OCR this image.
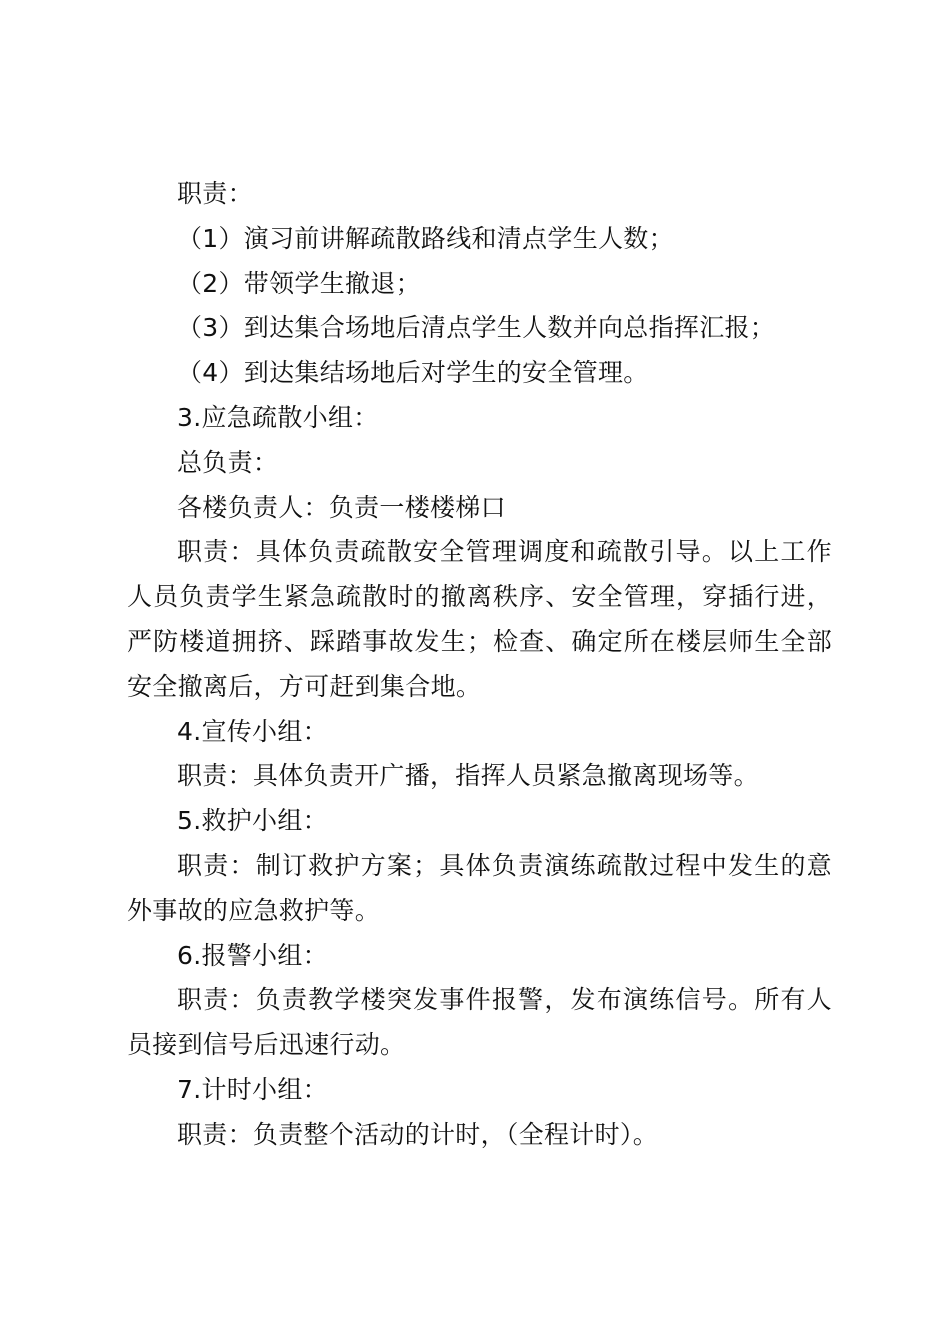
职责：

（1）演习前讲解疏散路线和清点学生人数；

（2）带领学生撤退；

（3）到达集合场地后清点学生人数并向总指挥汇报；

（4）到达集结场地后对学生的安全管理。

3.应急疏散小组：

总负责：

各楼负责人：负责一楼楼梯口

职责：具体负责疏散安全管理调度和疏散引导。以上工作人员负责学生紧急疏散时的撤离秩序、安全管理，穿插行进，严防楼道拥挤、踩踏事故发生；检查、确定所在楼层师生全部安全撤离后，方可赶到集合地。

4.宣传小组：

职责：具体负责开广播，指挥人员紧急撤离现场等。

5.救护小组：

职责：制订救护方案；具体负责演练疏散过程中发生的意外事故的应急救护等。

6.报警小组：

职责：负责教学楼突发事件报警，发布演练信号。所有人员接到信号后迅速行动。

7.计时小组：

职责：负责整个活动的计时，（全程计时）。
